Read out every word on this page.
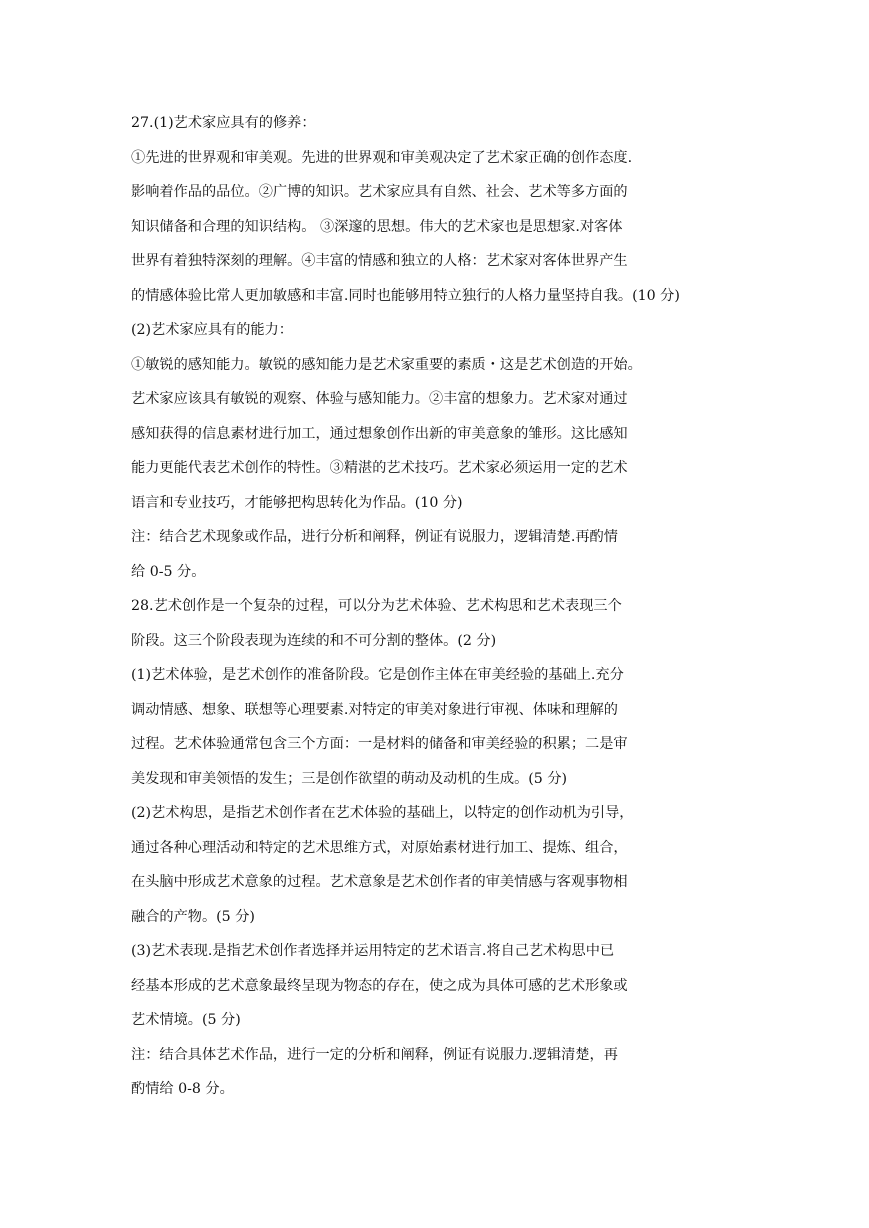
27.(1)艺术家应具有的修养：
①先进的世界观和审美观。先进的世界观和审美观决定了艺术家正确的创作态度.
影响着作品的品位。②广博的知识。艺术家应具有自然、社会、艺术等多方面的
知识储备和合理的知识结构。 ③深邃的思想。伟大的艺术家也是思想家.对客体
世界有着独特深刻的理解。④丰富的情感和独立的人格：艺术家对客体世界产生
的情感体验比常人更加敏感和丰富.同时也能够用特立独行的人格力量坚持自我。(10 分)
(2)艺术家应具有的能力：
①敏锐的感知能力。敏锐的感知能力是艺术家重要的素质・这是艺术创造的开始。
艺术家应该具有敏锐的观察、体验与感知能力。②丰富的想象力。艺术家对通过
感知获得的信息素材进行加工，通过想象创作出新的审美意象的雏形。这比感知
能力更能代表艺术创作的特性。③精湛的艺术技巧。艺术家必须运用一定的艺术
语言和专业技巧，才能够把构思转化为作品。(10 分)
注：结合艺术现象或作品，进行分析和阐释，例证有说服力，逻辑清楚.再酌情
给 0-5 分。
28.艺术创作是一个复杂的过程，可以分为艺术体验、艺术构思和艺术表现三个
阶段。这三个阶段表现为连续的和不可分割的整体。(2 分)
(1)艺术体验，是艺术创作的准备阶段。它是创作主体在审美经验的基础上.充分
调动情感、想象、联想等心理要素.对特定的审美对象进行审视、体味和理解的
过程。艺术体验通常包含三个方面：一是材料的储备和审美经验的积累；二是审
美发现和审美领悟的发生；三是创作欲望的萌动及动机的生成。(5 分)
(2)艺术构思，是指艺术创作者在艺术体验的基础上，以特定的创作动机为引导，
通过各种心理活动和特定的艺术思维方式，对原始素材进行加工、提炼、组合，
在头脑中形成艺术意象的过程。艺术意象是艺术创作者的审美情感与客观事物相
融合的产物。(5 分)
(3)艺术表现.是指艺术创作者选择并运用特定的艺术语言.将自己艺术构思中已
经基本形成的艺术意象最终呈现为物态的存在，使之成为具体可感的艺术形象或
艺术情境。(5 分)
注：结合具体艺术作品，进行一定的分析和阐释，例证有说服力.逻辑清楚，再
酌情给 0-8 分。
